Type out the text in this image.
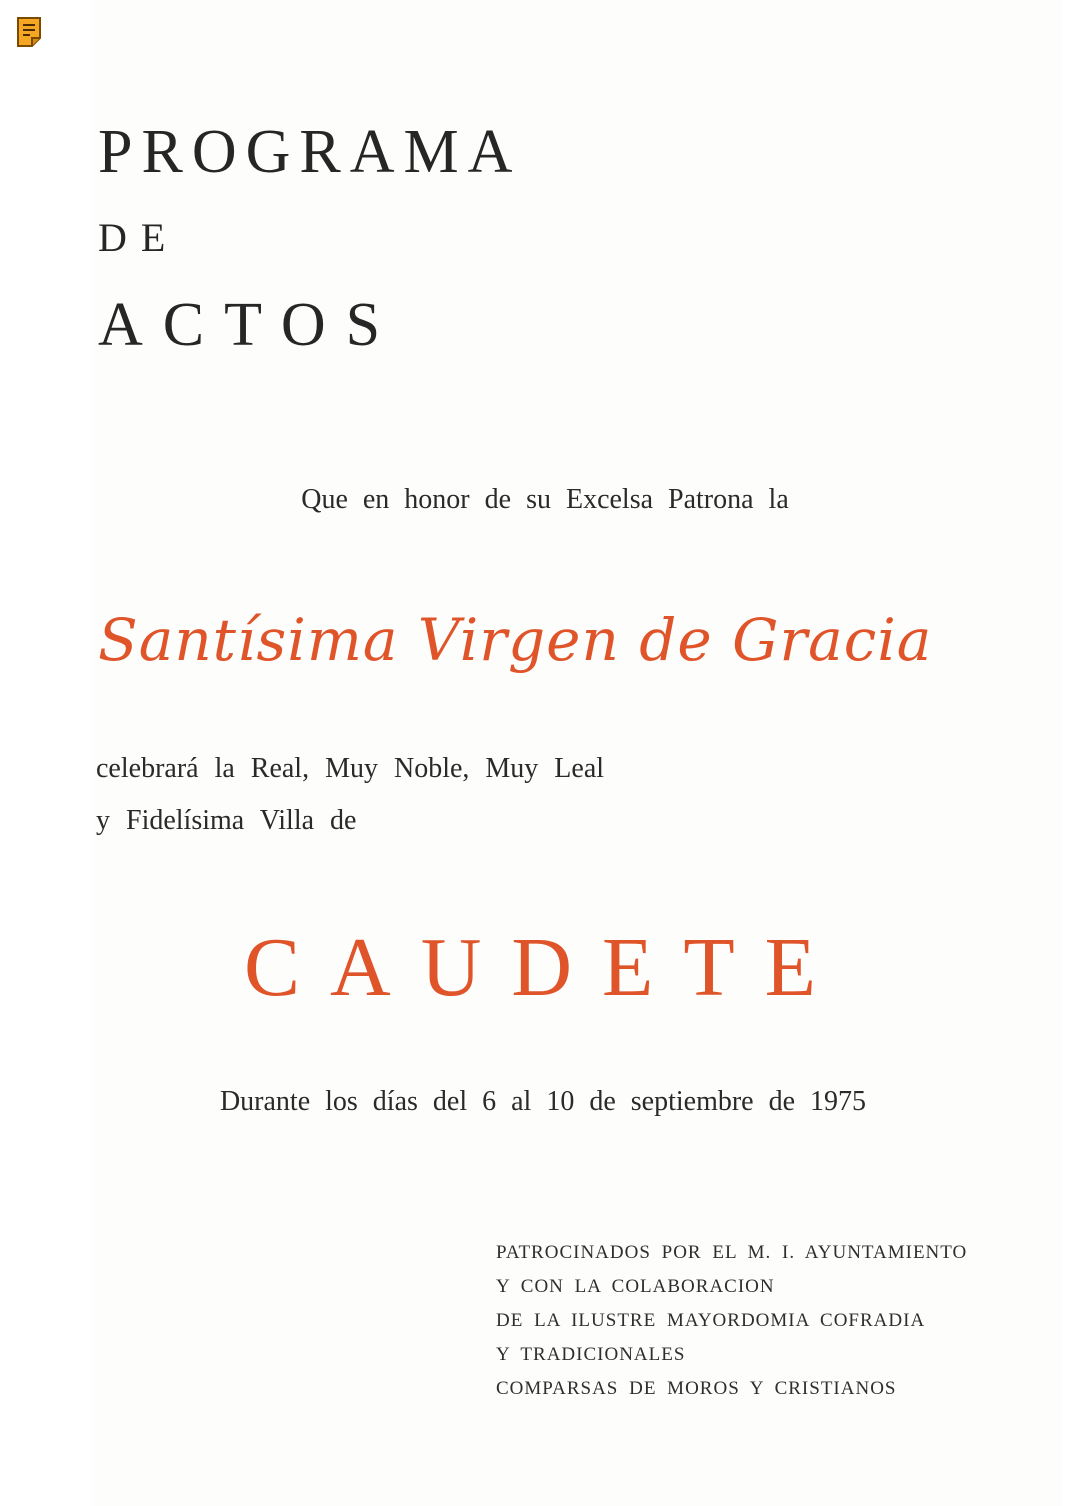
PROGRAMA
DE
ACTOS

Que en honor de su Excelsa Patrona la

Santísima Virgen de Gracia

celebrará la Real, Muy Noble, Muy Leal

y Fidelísima Villa de

CAUDETE

Durante los días del 6 al 10 de septiembre de 1975

PATROCINADOS POR EL M. I. AYUNTAMIENTO
Y CON LA COLABORACION
DE LA ILUSTRE MAYORDOMIA COFRADIA
Y TRADICIONALES
COMPARSAS DE MOROS Y CRISTIANOS
